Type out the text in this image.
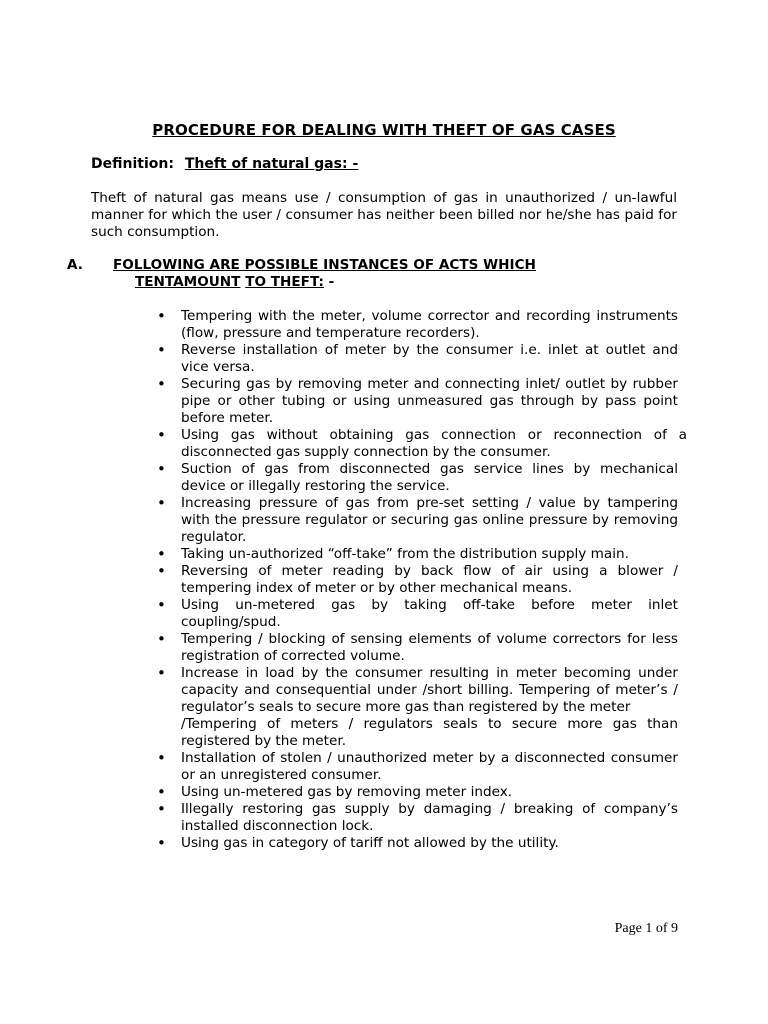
PROCEDURE FOR DEALING WITH THEFT OF GAS CASES
Definition: Theft of natural gas: -
Theft of natural gas means use / consumption of gas in unauthorized / un-lawful manner for which the user / consumer has neither been billed nor he/she has paid for such consumption.
A. FOLLOWING ARE POSSIBLE INSTANCES OF ACTS WHICH
TENTAMOUNT TO THEFT: -
• Tempering with the meter, volume corrector and recording instruments (flow, pressure and temperature recorders).
• Reverse installation of meter by the consumer i.e. inlet at outlet and vice versa.
• Securing gas by removing meter and connecting inlet/ outlet by rubber pipe or other tubing or using unmeasured gas through by pass point before meter.
• Using gas without obtaining gas connection or reconnection of a
disconnected gas supply connection by the consumer.
• Suction of gas from disconnected gas service lines by mechanical device or illegally restoring the service.
• Increasing pressure of gas from pre-set setting / value by tampering with the pressure regulator or securing gas online pressure by removing regulator.
• Taking un-authorized “off-take” from the distribution supply main.
• Reversing of meter reading by back flow of air using a blower / tempering index of meter or by other mechanical means.
• Using un-metered gas by taking off-take before meter inlet coupling/spud.
• Tempering / blocking of sensing elements of volume correctors for less registration of corrected volume.
• Increase in load by the consumer resulting in meter becoming under capacity and consequential under /short billing. Tempering of meter’s / regulator’s seals to secure more gas than registered by the meter
/Tempering of meters / regulators seals to secure more gas than registered by the meter.
• Installation of stolen / unauthorized meter by a disconnected consumer or an unregistered consumer.
• Using un-metered gas by removing meter index.
• Illegally restoring gas supply by damaging / breaking of company’s installed disconnection lock.
• Using gas in category of tariff not allowed by the utility.
Page 1 of 9
